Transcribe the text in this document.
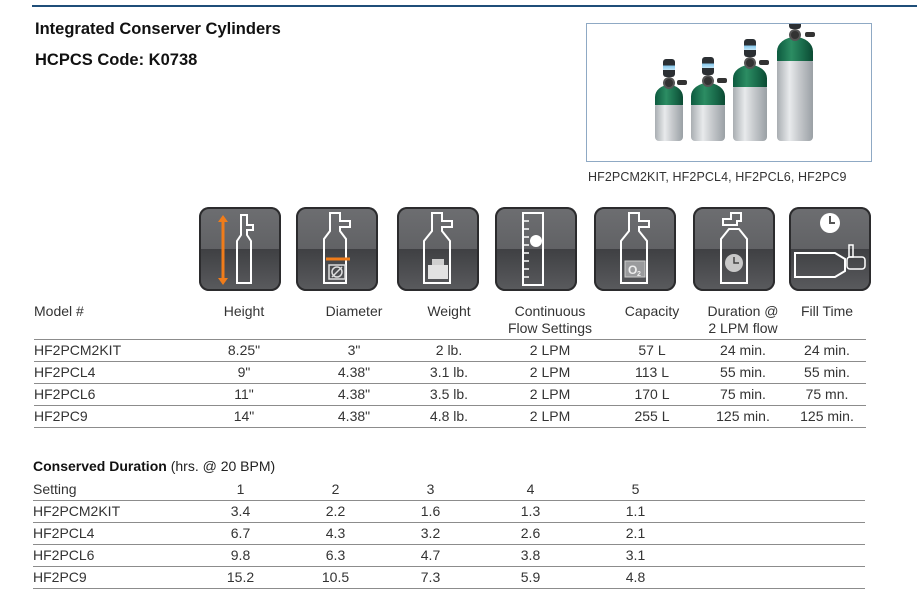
Integrated Conserver Cylinders
HCPCS Code: K0738
HF2PCM2KIT, HF2PCL4, HF2PCL6, HF2PC9
O 2
Model #	Height	Diameter	Weight	Continuous
Flow Settings	Capacity	Duration @
2 LPM flow	Fill Time
HF2PCM2KIT	8.25"	3"	2 lb.	2 LPM	57 L	24 min.	24 min.
HF2PCL4	9"	4.38"	3.1 lb.	2 LPM	113 L	55 min.	55 min.
HF2PCL6	11"	4.38"	3.5 lb.	2 LPM	170 L	75 min.	75 mn.
HF2PC9	14"	4.38"	4.8 lb.	2 LPM	255 L	125 min.	125 min.
Conserved Duration (hrs. @ 20 BPM)
Setting	1	2	3	4	5	
HF2PCM2KIT	3.4	2.2	1.6	1.3	1.1	
HF2PCL4	6.7	4.3	3.2	2.6	2.1	
HF2PCL6	9.8	6.3	4.7	3.8	3.1	
HF2PC9	15.2	10.5	7.3	5.9	4.8	
